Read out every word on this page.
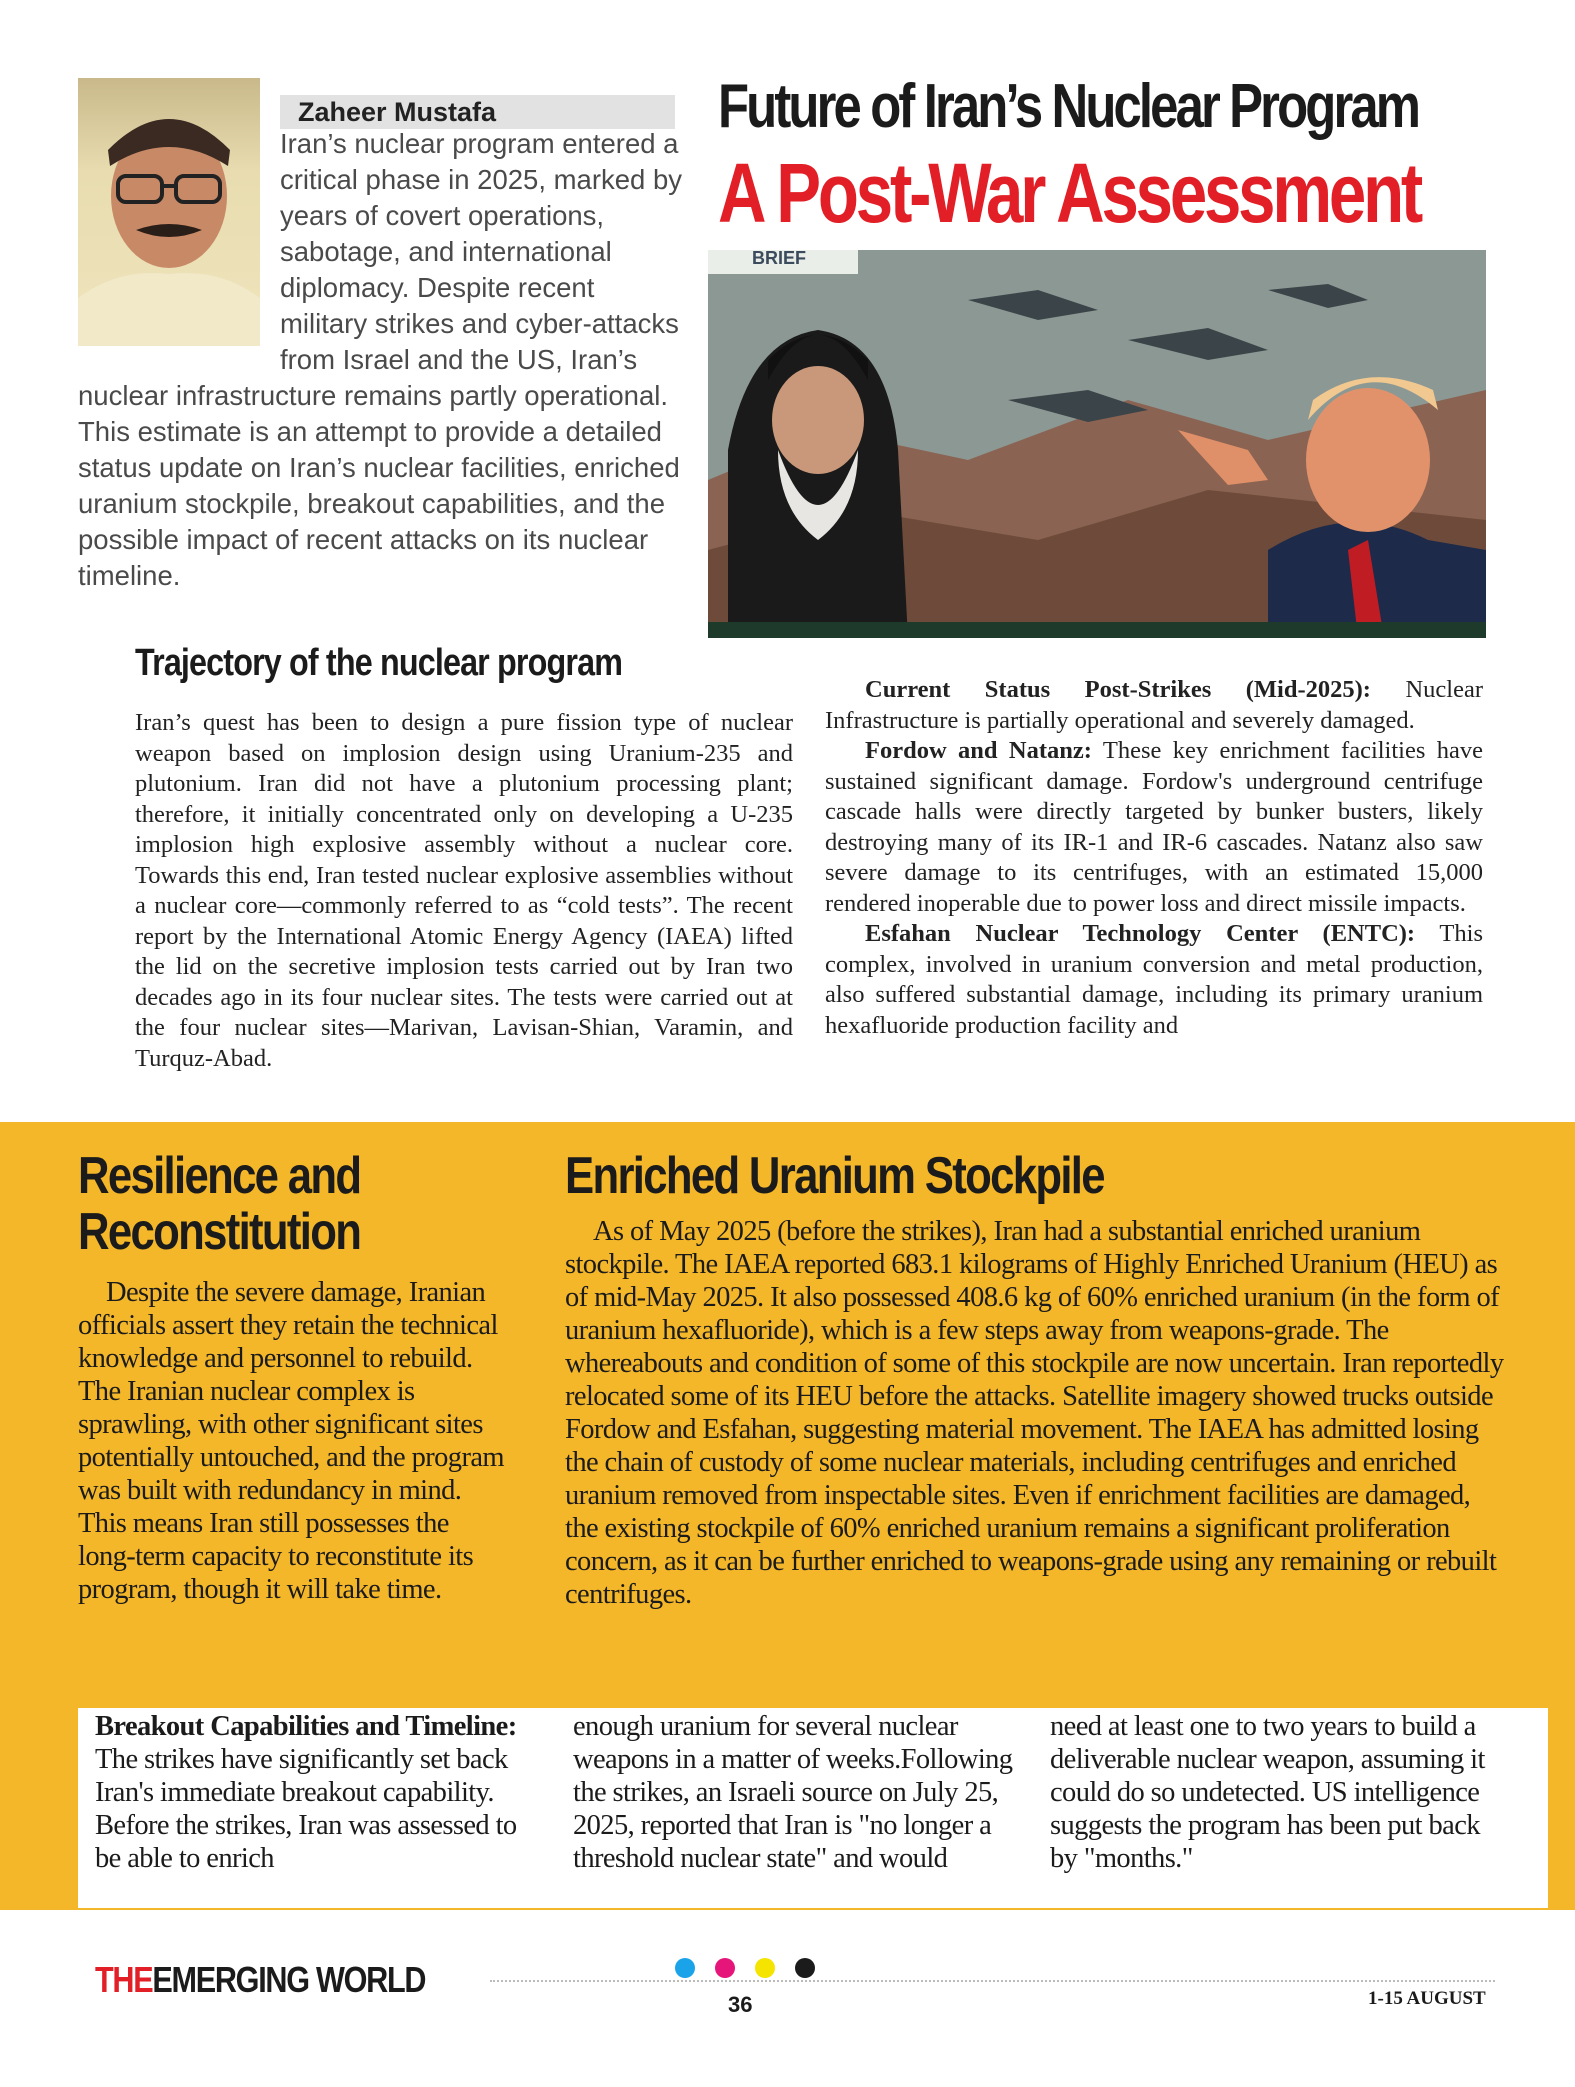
Zaheer Mustafa
Iran’s nuclear program entered a critical phase in 2025, marked by years of covert operations, sabotage, and international diplomacy. Despite recent military strikes and cyber-attacks from Israel and the US, Iran’s nuclear infrastructure remains partly operational. This estimate is an attempt to provide a detailed status update on Iran’s nuclear facilities, enriched uranium stockpile, breakout capabilities, and the possible impact of recent attacks on its nuclear timeline.
Future of Iran’s Nuclear Program
A Post-War Assessment
BRIEF
Trajectory of the nuclear program

Iran’s quest has been to design a pure fission type of nuclear weapon based on implosion design using Uranium-235 and plutonium. Iran did not have a plutonium processing plant; therefore, it initially concentrated only on developing a U-235 implosion high explosive assembly without a nuclear core. Towards this end, Iran tested nuclear explosive assemblies without a nuclear core—commonly referred to as “cold tests”. The recent report by the International Atomic Energy Agency (IAEA) lifted the lid on the secretive implosion tests carried out by Iran two decades ago in its four nuclear sites. The tests were carried out at the four nuclear sites—Marivan, Lavisan-Shian, Varamin, and Turquz-Abad.

Current Status Post-Strikes (Mid-2025): Nuclear Infrastructure is partially operational and severely damaged.

Fordow and Natanz: These key enrichment facilities have sustained significant damage. Fordow's underground centrifuge cascade halls were directly targeted by bunker busters, likely destroying many of its IR-1 and IR-6 cascades. Natanz also saw severe damage to its centrifuges, with an estimated 15,000 rendered inoperable due to power loss and direct missile impacts.

Esfahan Nuclear Technology Center (ENTC): This complex, involved in uranium conversion and metal production, also suffered substantial damage, including its primary uranium hexafluoride production facility and

Resilience and
Reconstitution

Despite the severe damage, Iranian officials assert they retain the technical knowledge and personnel to rebuild. The Iranian nuclear complex is sprawling, with other significant sites potentially untouched, and the program was built with redundancy in mind. This means Iran still possesses the long-term capacity to reconstitute its program, though it will take time.

Enriched Uranium Stockpile

As of May 2025 (before the strikes), Iran had a substantial enriched uranium stockpile. The IAEA reported 683.1 kilograms of Highly Enriched Uranium (HEU) as of mid-May 2025. It also possessed 408.6 kg of 60% enriched uranium (in the form of uranium hexafluoride), which is a few steps away from weapons-grade. The whereabouts and condition of some of this stockpile are now uncertain. Iran reportedly relocated some of its HEU before the attacks. Satellite imagery showed trucks outside Fordow and Esfahan, suggesting material movement. The IAEA has admitted losing the chain of custody of some nuclear materials, including centrifuges and enriched uranium removed from inspectable sites. Even if enrichment facilities are damaged, the existing stockpile of 60% enriched uranium remains a significant proliferation concern, as it can be further enriched to weapons-grade using any remaining or rebuilt centrifuges.

Breakout Capabilities and Timeline: The strikes have significantly set back Iran's immediate breakout capability. Before the strikes, Iran was assessed to be able to enrich

enough uranium for several nuclear weapons in a matter of weeks.Following the strikes, an Israeli source on July 25, 2025, reported that Iran is "no longer a threshold nuclear state" and would

need at least one to two years to build a deliverable nuclear weapon, assuming it could do so undetected. US intelligence suggests the program has been put back by "months."

THEEMERGING WORLD
36	1-15 AUGUST
